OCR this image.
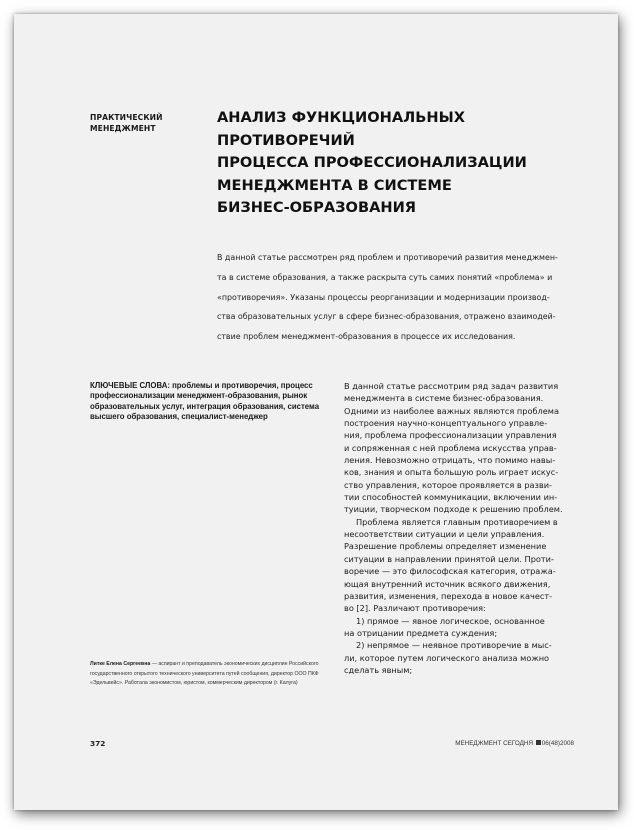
ПРАКТИЧЕСКИЙ
МЕНЕДЖМЕНТ
АНАЛИЗ ФУНКЦИОНАЛЬНЫХ ПРОТИВОРЕЧИЙ
ПРОЦЕССА ПРОФЕССИОНАЛИЗАЦИИ
МЕНЕДЖМЕНТА В СИСТЕМЕ
БИЗНЕС-ОБРАЗОВАНИЯ
В данной статье рассмотрен ряд проблем и противоречий развития менеджмен-
та в системе образования, а также раскрыта суть самих понятий «проблема» и
«противоречия». Указаны процессы реорганизации и модернизации производ-
ства образовательных услуг в сфере бизнес-образования, отражено взаимодей-
ствие проблем менеджмент-образования в процессе их исследования.
КЛЮЧЕВЫЕ СЛОВА: проблемы и противоречия, процесс профессионализации менеджмент-образования, рынок образовательных услуг, интеграция образования, система высшего образования, специалист-менеджер
Литке Елена Сергеевна — аспирант и преподаватель экономических дисциплин Российского государственного открытого технического университета путей сообщения, директор ООО ПКФ «Эдельвейс». Работала экономистом, юристом, коммерческим директором (г. Калуга)

В данной статье рассмотрим ряд задач развития

менеджмента в системе бизнес-образования.

Одними из наиболее важных являются проблема

построения научно-концептуального управле-

ния, проблема профессионализации управления

и сопряженная с ней проблема искусства управ-

ления. Невозможно отрицать, что помимо навы-

ков, знания и опыта большую роль играет искус-

ство управления, которое проявляется в разви-

тии способностей коммуникации, включении ин-

туиции, творческом подходе к решению проблем.

Проблема является главным противоречием в

несоответствии ситуации и цели управления.

Разрешение проблемы определяет изменение

ситуации в направлении принятой цели. Проти-

воречие — это философская категория, отража-

ющая внутренний источник всякого движения,

развития, изменения, перехода в новое качест-

во [2]. Различают противоречия:

1) прямое — явное логическое, основанное

на отрицании предмета суждения;

2) непрямое — неявное противоречие в мыс-

ли, которое путем логического анализа можно

сделать явным;

372	МЕНЕДЖМЕНТ СЕГОДНЯ 06(48)2008
